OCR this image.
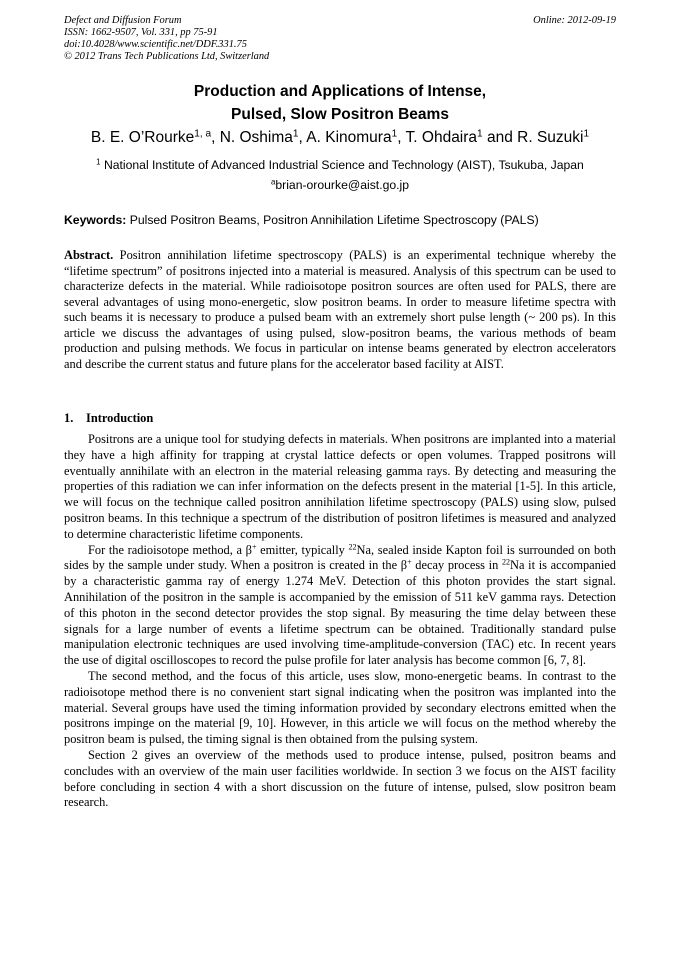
Defect and Diffusion Forum
ISSN: 1662-9507, Vol. 331, pp 75-91
doi:10.4028/www.scientific.net/DDF.331.75
© 2012 Trans Tech Publications Ltd, Switzerland
Online: 2012-09-19
Production and Applications of Intense,
Pulsed, Slow Positron Beams
B. E. O’Rourke$^{1, a}$, N. Oshima$^1$, A. Kinomura$^1$, T. Ohdaira$^1$ and R. Suzuki$^1$
$^1$ National Institute of Advanced Industrial Science and Technology (AIST), Tsukuba, Japan
$^a$brian-orourke@aist.go.jp
Keywords: Pulsed Positron Beams, Positron Annihilation Lifetime Spectroscopy (PALS)
Abstract. Positron annihilation lifetime spectroscopy (PALS) is an experimental technique whereby the “lifetime spectrum” of positrons injected into a material is measured. Analysis of this spectrum can be used to characterize defects in the material. While radioisotope positron sources are often used for PALS, there are several advantages of using mono-energetic, slow positron beams. In order to measure lifetime spectra with such beams it is necessary to produce a pulsed beam with an extremely short pulse length (~ 200 ps). In this article we discuss the advantages of using pulsed, slow-positron beams, the various methods of beam production and pulsing methods. We focus in particular on intense beams generated by electron accelerators and describe the current status and future plans for the accelerator based facility at AIST.
1. Introduction

Positrons are a unique tool for studying defects in materials. When positrons are implanted into a material they have a high affinity for trapping at crystal lattice defects or open volumes. Trapped positrons will eventually annihilate with an electron in the material releasing gamma rays. By detecting and measuring the properties of this radiation we can infer information on the defects present in the material [1-5]. In this article, we will focus on the technique called positron annihilation lifetime spectroscopy (PALS) using slow, pulsed positron beams. In this technique a spectrum of the distribution of positron lifetimes is measured and analyzed to determine characteristic lifetime components.

For the radioisotope method, a β+ emitter, typically $^{22}$Na, sealed inside Kapton foil is surrounded on both sides by the sample under study. When a positron is created in the β+ decay process in $^{22}$Na it is accompanied by a characteristic gamma ray of energy 1.274 MeV. Detection of this photon provides the start signal. Annihilation of the positron in the sample is accompanied by the emission of 511 keV gamma rays. Detection of this photon in the second detector provides the stop signal. By measuring the time delay between these signals for a large number of events a lifetime spectrum can be obtained. Traditionally standard pulse manipulation electronic techniques are used involving time-amplitude-conversion (TAC) etc. In recent years the use of digital oscilloscopes to record the pulse profile for later analysis has become common [6, 7, 8].

The second method, and the focus of this article, uses slow, mono-energetic beams. In contrast to the radioisotope method there is no convenient start signal indicating when the positron was implanted into the material. Several groups have used the timing information provided by secondary electrons emitted when the positrons impinge on the material [9, 10]. However, in this article we will focus on the method whereby the positron beam is pulsed, the timing signal is then obtained from the pulsing system.

Section 2 gives an overview of the methods used to produce intense, pulsed, positron beams and concludes with an overview of the main user facilities worldwide. In section 3 we focus on the AIST facility before concluding in section 4 with a short discussion on the future of intense, pulsed, slow positron beam research.
